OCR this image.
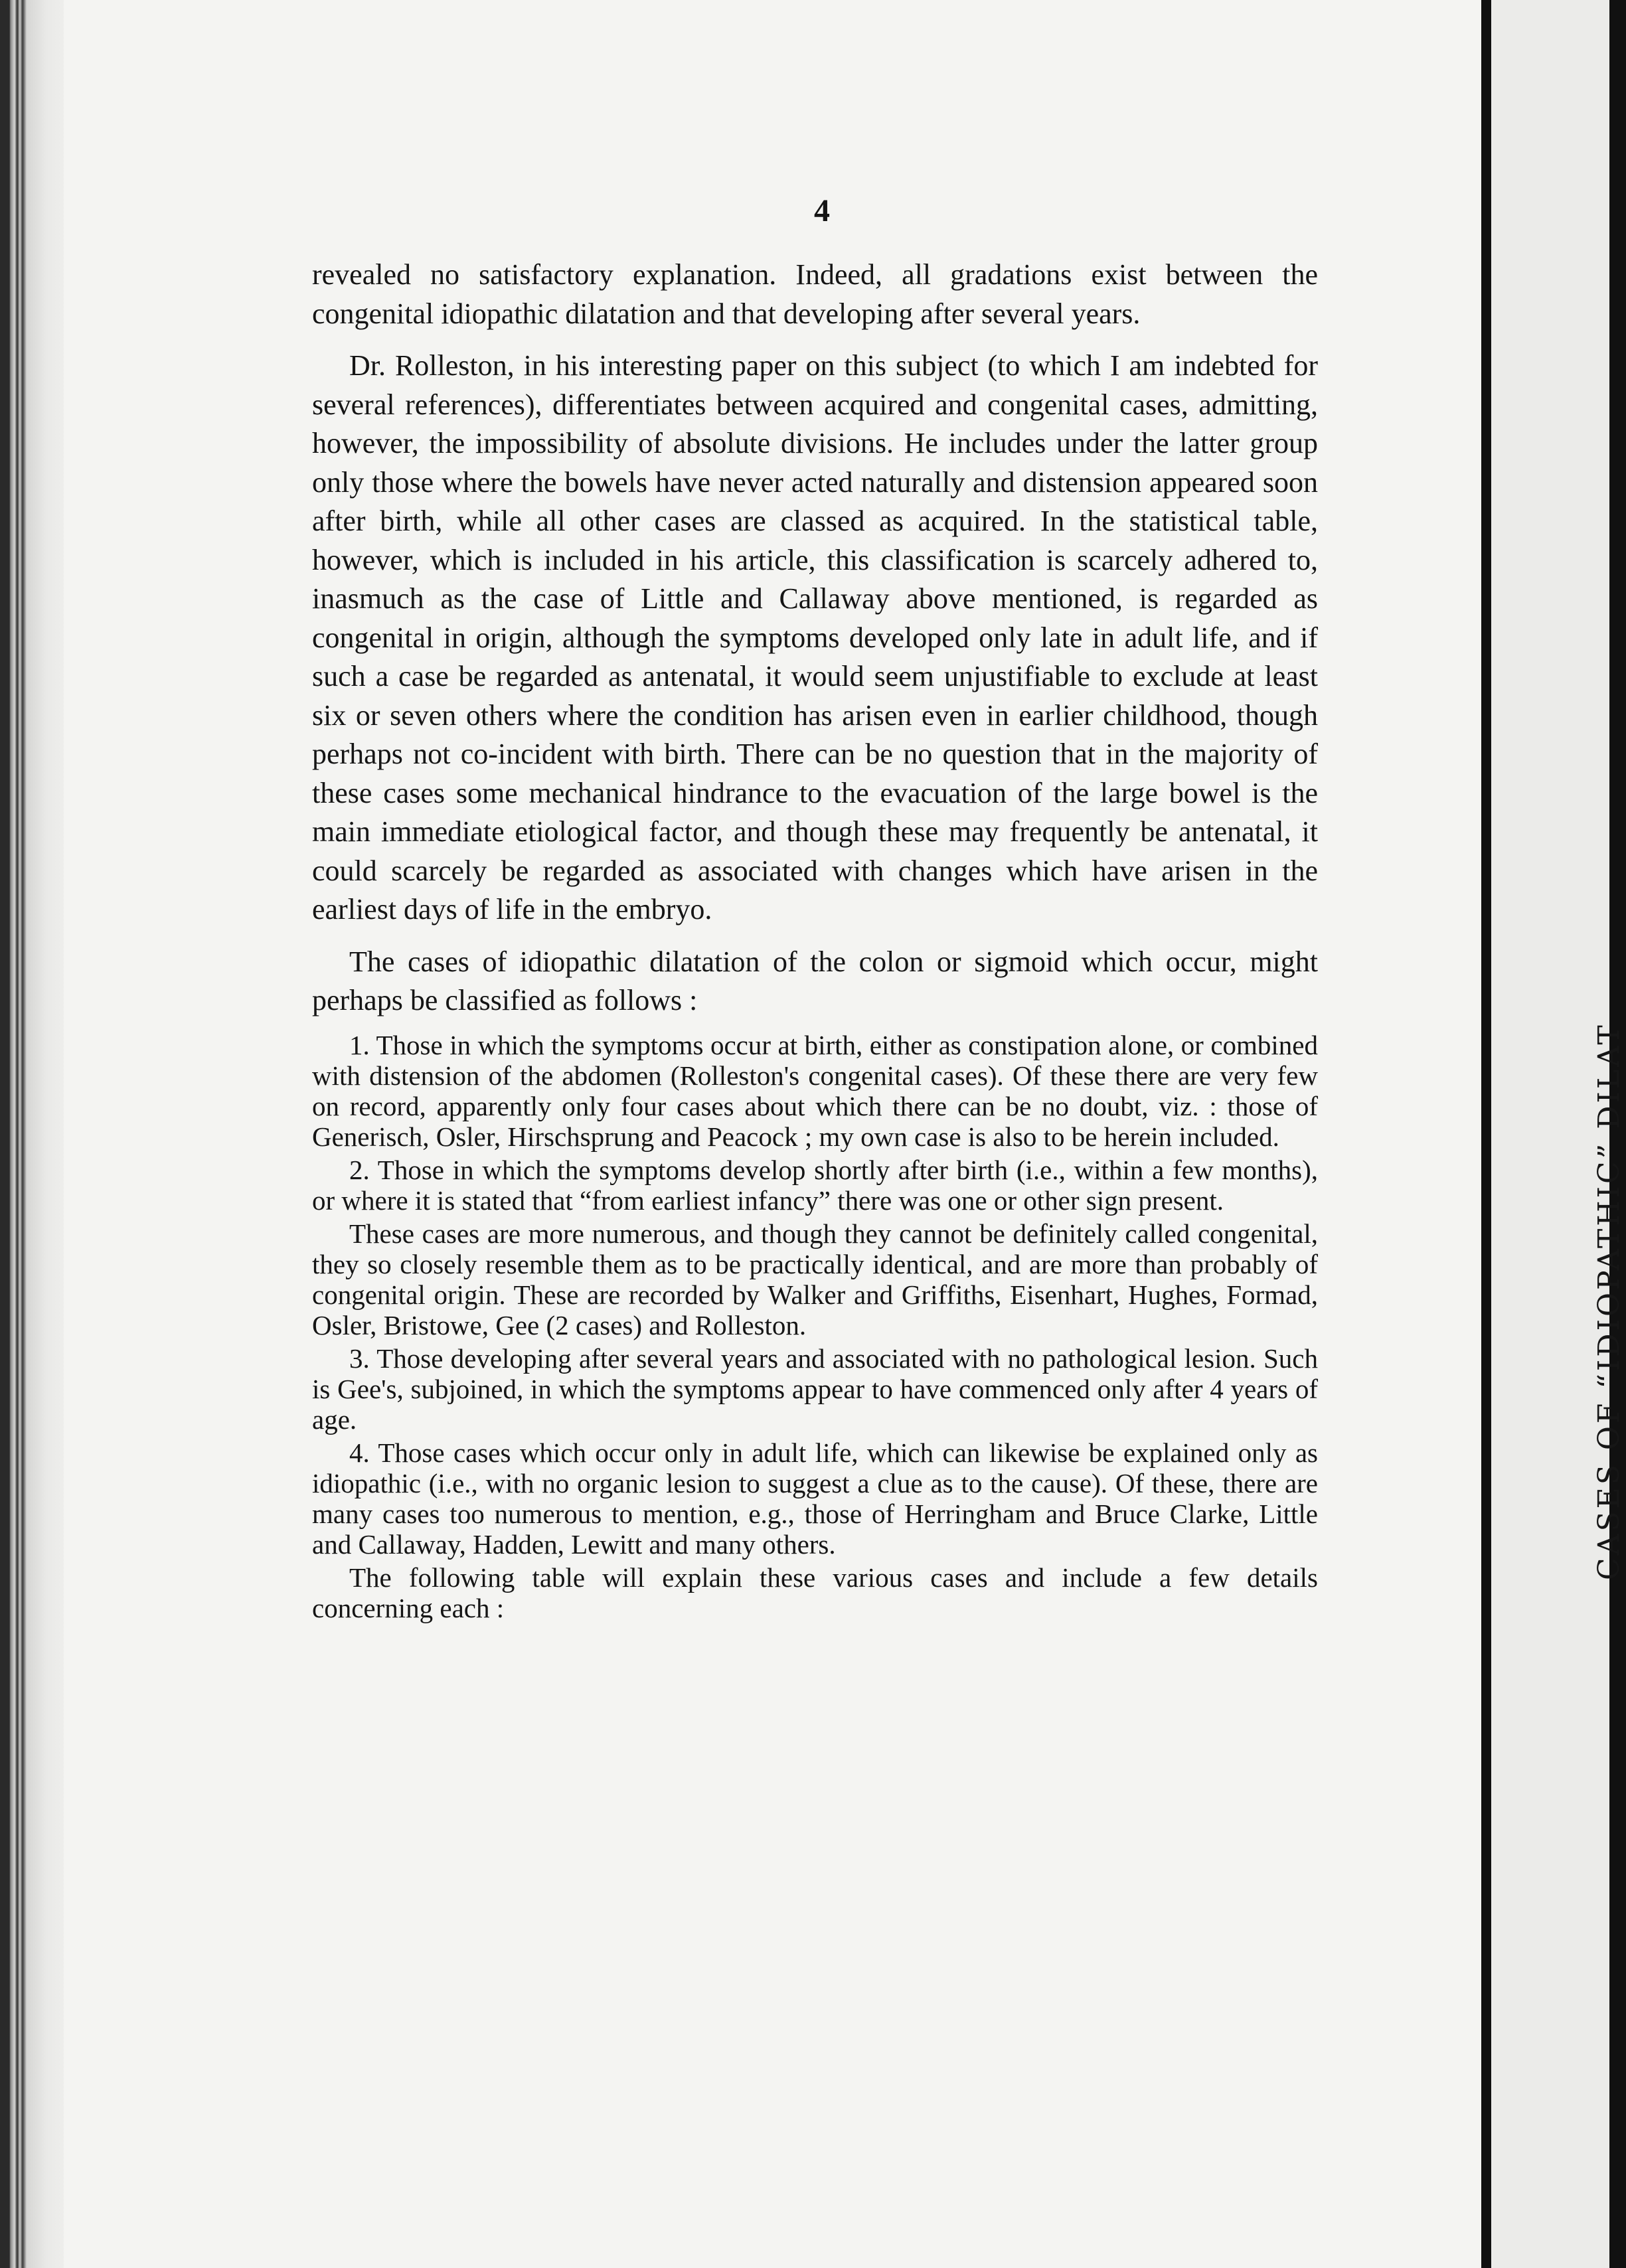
CASES OF “IDIOPATHIC” DILAT
4

revealed no satisfactory explanation. Indeed, all gradations exist between the congenital idiopathic dilatation and that developing after several years.

Dr. Rolleston, in his interesting paper on this subject (to which I am indebted for several references), differentiates between acquired and congenital cases, admitting, however, the impossibility of absolute divisions. He includes under the latter group only those where the bowels have never acted naturally and distension appeared soon after birth, while all other cases are classed as acquired. In the statistical table, however, which is included in his article, this classification is scarcely adhered to, inasmuch as the case of Little and Callaway above mentioned, is regarded as congenital in origin, although the symptoms developed only late in adult life, and if such a case be regarded as antenatal, it would seem unjustifiable to exclude at least six or seven others where the condition has arisen even in earlier childhood, though perhaps not co-incident with birth. There can be no question that in the majority of these cases some mechanical hindrance to the evacuation of the large bowel is the main immediate etiological factor, and though these may frequently be antenatal, it could scarcely be regarded as associated with changes which have arisen in the earliest days of life in the embryo.

The cases of idiopathic dilatation of the colon or sigmoid which occur, might perhaps be classified as follows :

1. Those in which the symptoms occur at birth, either as constipation alone, or combined with distension of the abdomen (Rolleston's congenital cases). Of these there are very few on record, apparently only four cases about which there can be no doubt, viz. : those of Generisch, Osler, Hirschsprung and Peacock ; my own case is also to be herein included.

2. Those in which the symptoms develop shortly after birth (i.e., within a few months), or where it is stated that “from earliest infancy” there was one or other sign present.

These cases are more numerous, and though they cannot be definitely called congenital, they so closely resemble them as to be practically identical, and are more than probably of congenital origin. These are recorded by Walker and Griffiths, Eisenhart, Hughes, Formad, Osler, Bristowe, Gee (2 cases) and Rolleston.

3. Those developing after several years and associated with no pathological lesion. Such is Gee's, subjoined, in which the symptoms appear to have commenced only after 4 years of age.

4. Those cases which occur only in adult life, which can likewise be explained only as idiopathic (i.e., with no organic lesion to suggest a clue as to the cause). Of these, there are many cases too numerous to mention, e.g., those of Herringham and Bruce Clarke, Little and Callaway, Hadden, Lewitt and many others.

The following table will explain these various cases and include a few details concerning each :
